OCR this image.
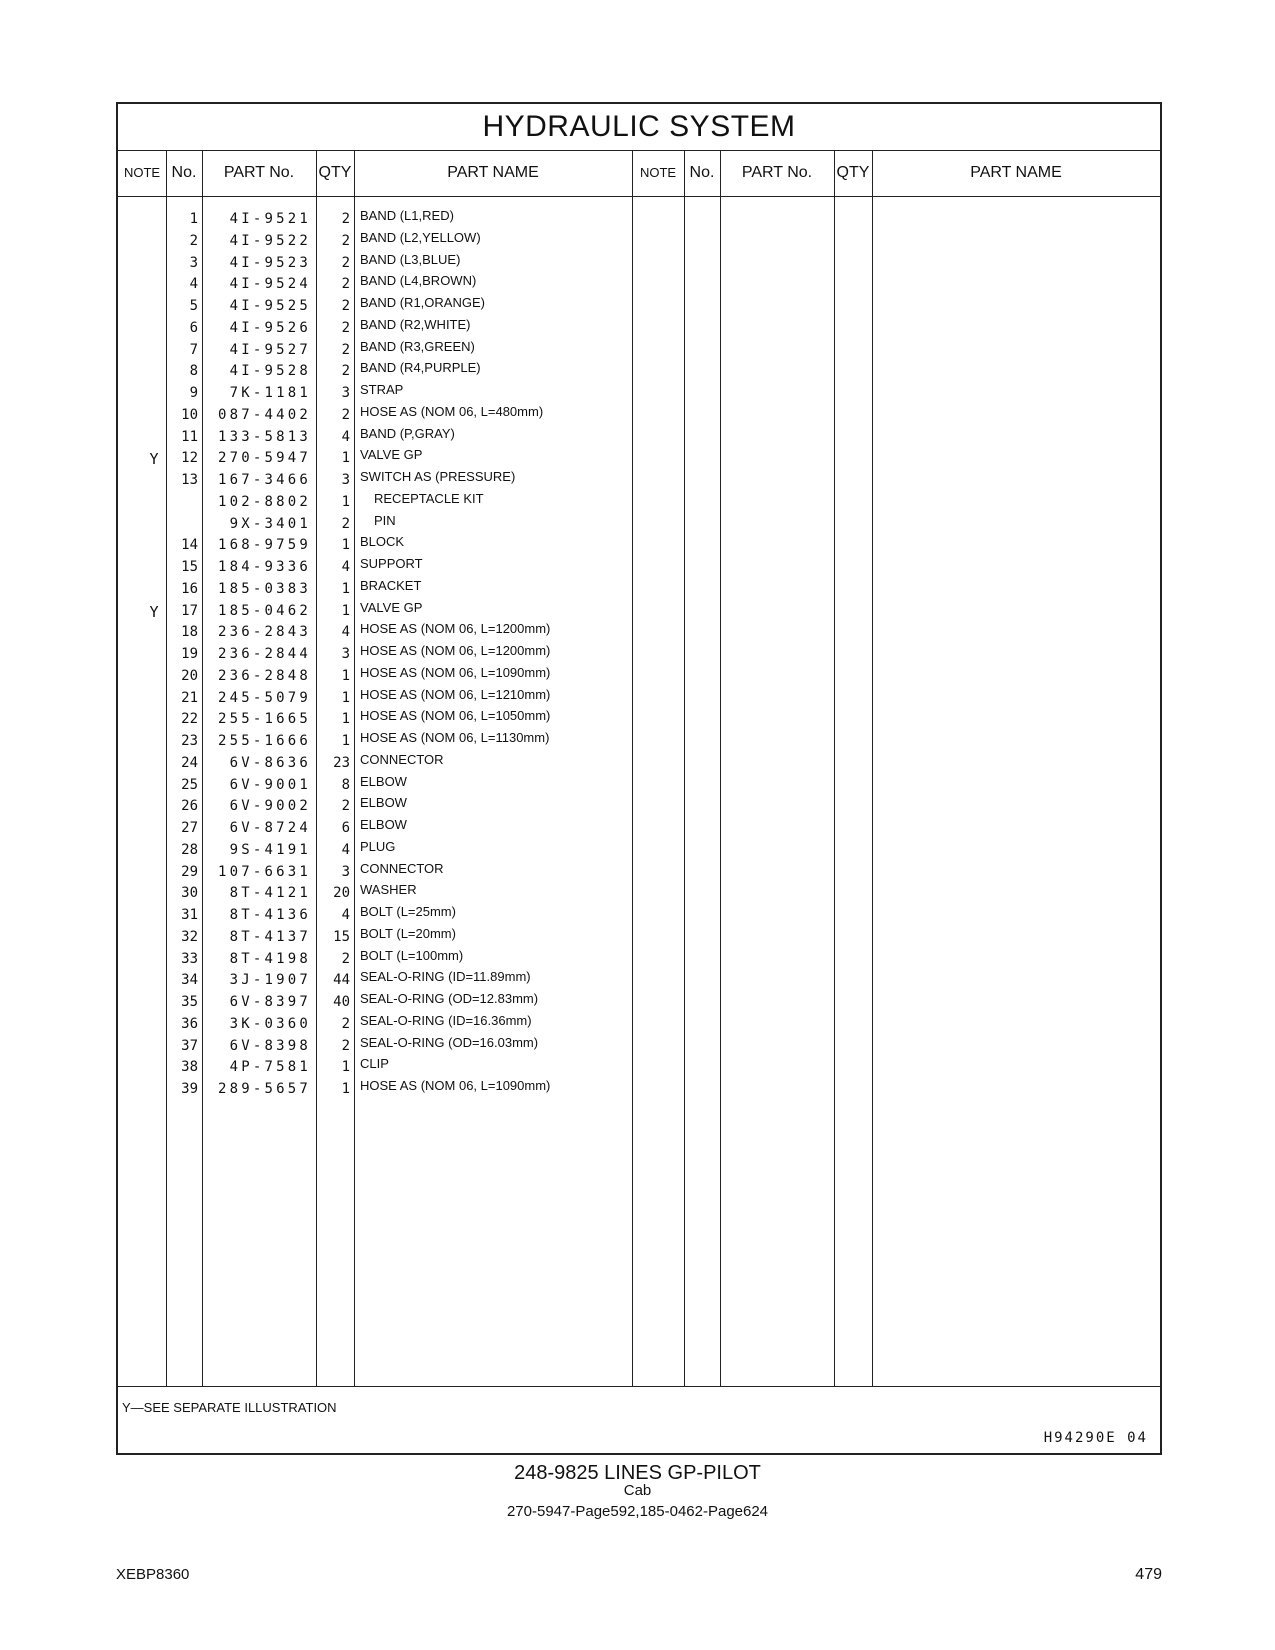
HYDRAULIC SYSTEM
NOTE No.	PART No.	QTY	PART NAME	NOTE No.	PART No.	QTY	PART NAME
1	4I-9521	2 BAND (L1,RED)
2	4I-9522	2 BAND (L2,YELLOW)
3	4I-9523	2 BAND (L3,BLUE)
4	4I-9524	2 BAND (L4,BROWN)
5	4I-9525	2 BAND (R1,ORANGE)
6	4I-9526	2 BAND (R2,WHITE)
7	4I-9527	2 BAND (R3,GREEN)
8	4I-9528	2 BAND (R4,PURPLE)
9	7K-1181	3 STRAP
10	087-4402	2 HOSE AS (NOM 06, L=480mm)
11	133-5813	4 BAND (P,GRAY)
Y	12	270-5947	1 VALVE GP
13	167-3466	3 SWITCH AS (PRESSURE)
102-8802	1 RECEPTACLE KIT
9X-3401	2 PIN
14	168-9759	1 BLOCK
15	184-9336	4 SUPPORT
16	185-0383	1 BRACKET
Y	17	185-0462	1 VALVE GP
18	236-2843	4 HOSE AS (NOM 06, L=1200mm)
19	236-2844	3 HOSE AS (NOM 06, L=1200mm)
20	236-2848	1 HOSE AS (NOM 06, L=1090mm)
21	245-5079	1 HOSE AS (NOM 06, L=1210mm)
22	255-1665	1 HOSE AS (NOM 06, L=1050mm)
23	255-1666	1 HOSE AS (NOM 06, L=1130mm)
24	6V-8636	23 CONNECTOR
25	6V-9001	8 ELBOW
26	6V-9002	2 ELBOW
27	6V-8724	6 ELBOW
28	9S-4191	4 PLUG
29	107-6631	3 CONNECTOR
30	8T-4121	20 WASHER
31	8T-4136	4 BOLT (L=25mm)
32	8T-4137	15 BOLT (L=20mm)
33	8T-4198	2 BOLT (L=100mm)
34	3J-1907	44 SEAL-O-RING (ID=11.89mm)
35	6V-8397	40 SEAL-O-RING (OD=12.83mm)
36	3K-0360	2 SEAL-O-RING (ID=16.36mm)
37	6V-8398	2 SEAL-O-RING (OD=16.03mm)
38	4P-7581	1 CLIP
39	289-5657	1 HOSE AS (NOM 06, L=1090mm)
Y―SEE SEPARATE ILLUSTRATION
H94290E 04
248-9825 LINES GP-PILOT
Cab
270-5947-Page592,185-0462-Page624
XEBP8360	479
